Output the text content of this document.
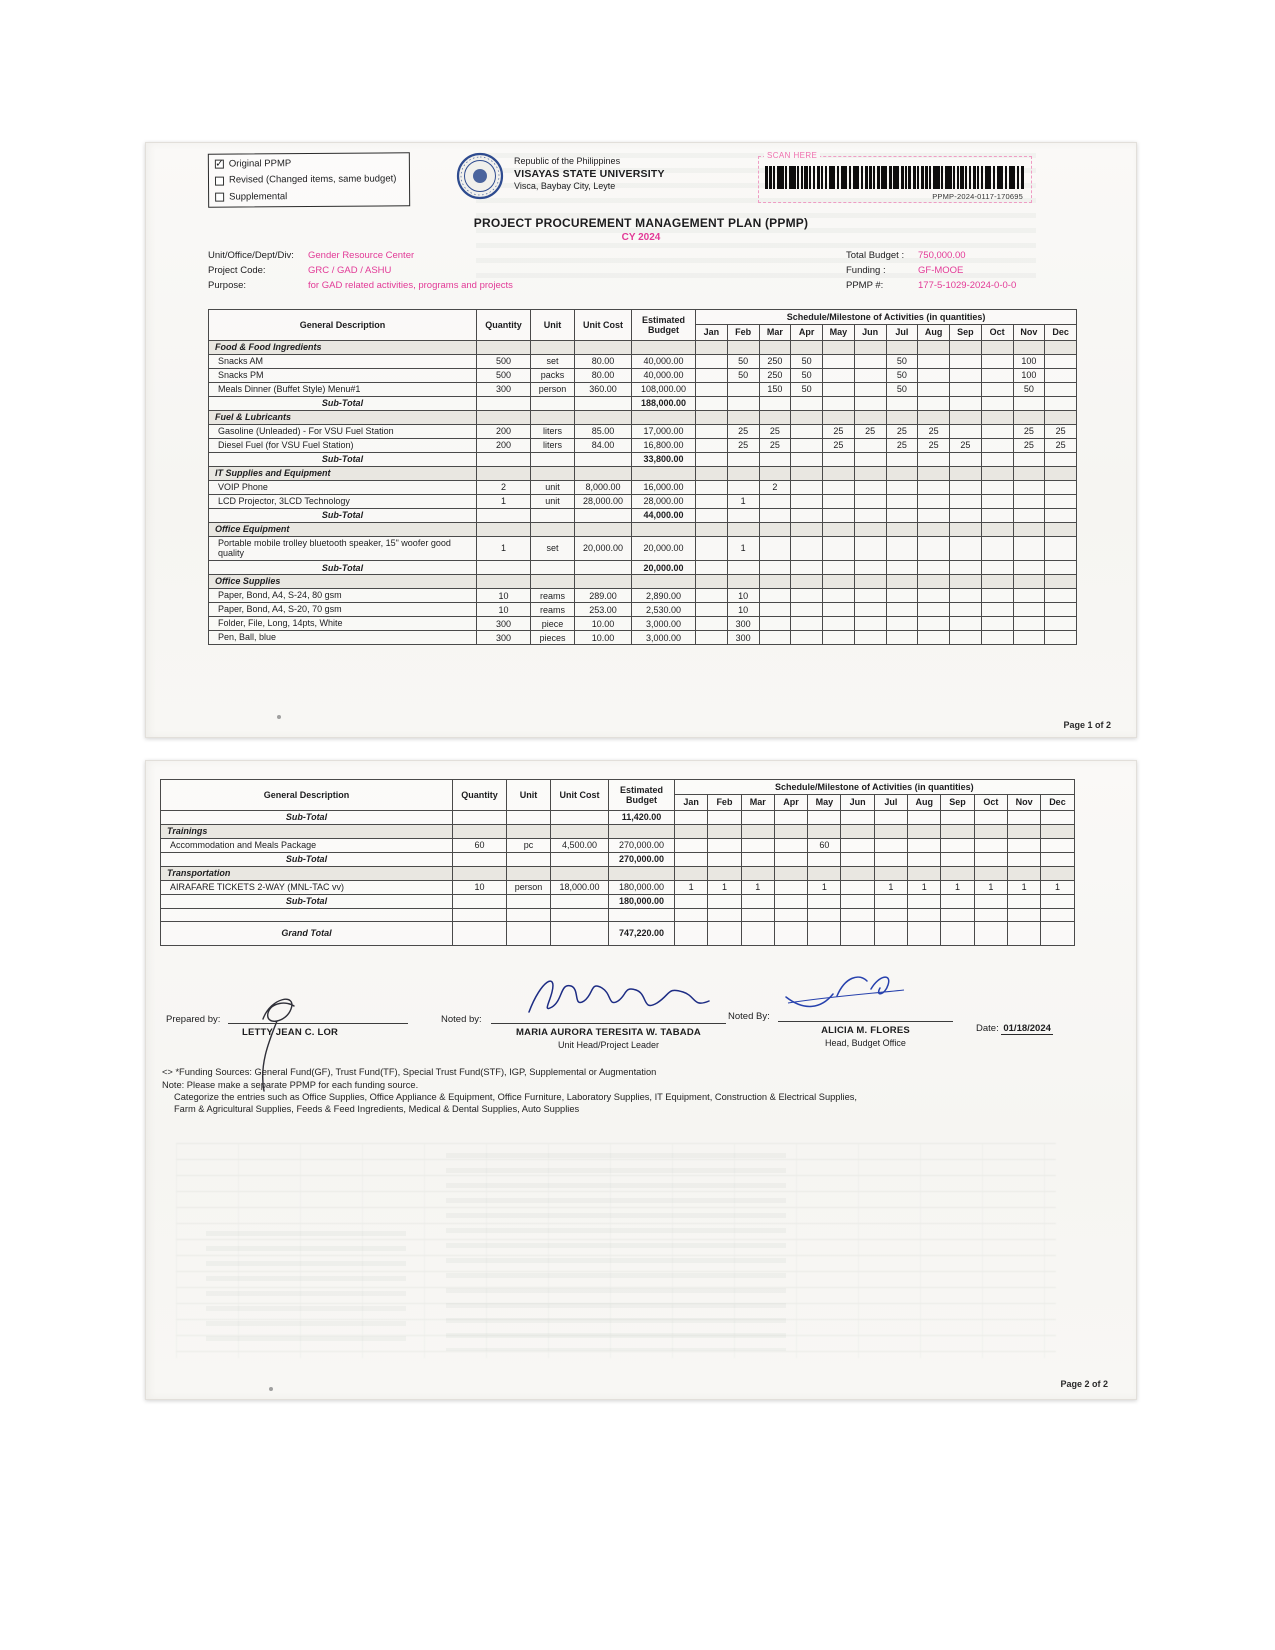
✓ Original PPMP
Revised (Changed items, same budget)
Supplemental
Republic of the Philippines
VISAYAS STATE UNIVERSITY
Visca, Baybay City, Leyte
SCAN HERE
PPMP-2024-0117-170695
PROJECT PROCUREMENT MANAGEMENT PLAN (PPMP)
CY 2024
Unit/Office/Dept/Div:	Gender Resource Center
Project Code:	GRC / GAD / ASHU
Purpose:	for GAD related activities, programs and projects
Total Budget :	750,000.00
Funding :	GF-MOOE
PPMP #:	177-5-1029-2024-0-0-0
General Description	Quantity	Unit	Unit Cost	Estimated Budget	Schedule/Milestone of Activities (in quantities)											
					Jan	Feb	Mar	Apr	May	Jun	Jul	Aug	Sep	Oct	Nov	Dec
Food & Food Ingredients																
Snacks AM	500	set	80.00	40,000.00		50	250	50			50				100	
Snacks PM	500	packs	80.00	40,000.00		50	250	50			50				100	
Meals Dinner (Buffet Style) Menu#1	300	person	360.00	108,000.00			150	50			50				50	
Sub-Total				188,000.00												
Fuel & Lubricants																
Gasoline (Unleaded) - For VSU Fuel Station	200	liters	85.00	17,000.00		25	25		25	25	25	25			25	25
Diesel Fuel (for VSU Fuel Station)	200	liters	84.00	16,800.00		25	25		25		25	25	25		25	25
Sub-Total				33,800.00												
IT Supplies and Equipment																
VOIP Phone	2	unit	8,000.00	16,000.00			2									
LCD Projector, 3LCD Technology	1	unit	28,000.00	28,000.00		1										
Sub-Total				44,000.00												
Office Equipment																
Portable mobile trolley bluetooth speaker, 15" woofer good quality	1	set	20,000.00	20,000.00		1										
Sub-Total				20,000.00												
Office Supplies																
Paper, Bond, A4, S-24, 80 gsm	10	reams	289.00	2,890.00		10										
Paper, Bond, A4, S-20, 70 gsm	10	reams	253.00	2,530.00		10										
Folder, File, Long, 14pts, White	300	piece	10.00	3,000.00		300										
Pen, Ball, blue	300	pieces	10.00	3,000.00		300										
Page 1 of 2
General Description	Quantity	Unit	Unit Cost	Estimated Budget	Schedule/Milestone of Activities (in quantities)											
					Jan	Feb	Mar	Apr	May	Jun	Jul	Aug	Sep	Oct	Nov	Dec
Sub-Total				11,420.00												
Trainings																
Accommodation and Meals Package	60	pc	4,500.00	270,000.00					60							
Sub-Total				270,000.00												
Transportation																
AIRAFARE TICKETS 2-WAY (MNL-TAC vv)	10	person	18,000.00	180,000.00	1	1	1		1		1	1	1	1	1	1
Sub-Total				180,000.00												

Grand Total				747,220.00												
Prepared by:
LETTY JEAN C. LOR
Noted by:
MARIA AURORA TERESITA W. TABADA
Unit Head/Project Leader
Noted By:
ALICIA M. FLORES
Head, Budget Office
Date: 01/18/2024
<> *Funding Sources: General Fund(GF), Trust Fund(TF), Special Trust Fund(STF), IGP, Supplemental or Augmentation
Note: Please make a separate PPMP for each funding source.
Categorize the entries such as Office Supplies, Office Appliance & Equipment, Office Furniture, Laboratory Supplies, IT Equipment, Construction & Electrical Supplies,
Farm & Agricultural Supplies, Feeds & Feed Ingredients, Medical & Dental Supplies, Auto Supplies
Page 2 of 2
